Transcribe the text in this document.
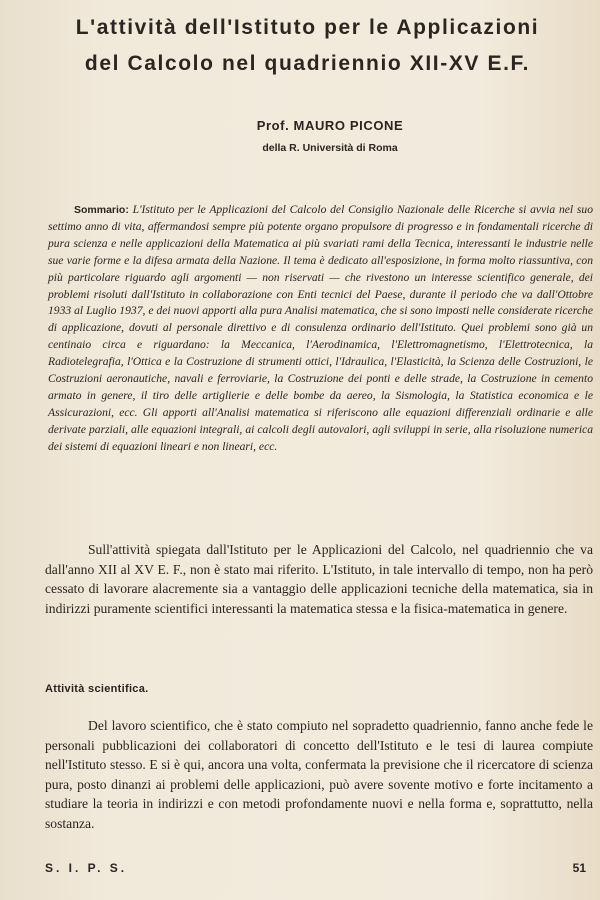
L'attività dell'Istituto per le Applicazioni
del Calcolo nel quadriennio XII-XV E.F.
Prof. MAURO PICONE
della R. Università di Roma

Sommario: L'Istituto per le Applicazioni del Calcolo del Consiglio Nazionale delle Ricerche si avvia nel suo settimo anno di vita, affermandosi sempre più potente organo propulsore di progresso e in fondamentali ricerche di pura scienza e nelle applicazioni della Matematica ai più svariati rami della Tecnica, interessanti le industrie nelle sue varie forme e la difesa armata della Nazione. Il tema è dedicato all'esposizione, in forma molto riassuntiva, con più particolare riguardo agli argomenti — non riservati — che rivestono un interesse scientifico generale, dei problemi risoluti dall'Istituto in collaborazione con Enti tecnici del Paese, durante il periodo che va dall'Ottobre 1933 al Luglio 1937, e dei nuovi apporti alla pura Analisi matematica, che si sono imposti nelle considerate ricerche di applicazione, dovuti al personale direttivo e di consulenza ordinario dell'Istituto. Quei problemi sono già un centinaio circa e riguardano: la Meccanica, l'Aerodinamica, l'Elettromagnetismo, l'Elettrotecnica, la Radiotelegrafia, l'Ottica e la Costruzione di strumenti ottici, l'Idraulica, l'Elasticità, la Scienza delle Costruzioni, le Costruzioni aeronautiche, navali e ferroviarie, la Costruzione dei ponti e delle strade, la Costruzione in cemento armato in genere, il tiro delle artiglierie e delle bombe da aereo, la Sismologia, la Statistica economica e le Assicurazioni, ecc. Gli apporti all'Analisi matematica si riferiscono alle equazioni differenziali ordinarie e alle derivate parziali, alle equazioni integrali, ai calcoli degli autovalori, agli sviluppi in serie, alla risoluzione numerica dei sistemi di equazioni lineari e non lineari, ecc.

Sull'attività spiegata dall'Istituto per le Applicazioni del Calcolo, nel quadriennio che va dall'anno XII al XV E. F., non è stato mai riferito. L'Istituto, in tale intervallo di tempo, non ha però cessato di lavorare alacremente sia a vantaggio delle applicazioni tecniche della matematica, sia in indirizzi puramente scientifici interessanti la matematica stessa e la fisica-matematica in genere.

Attività scientifica.

Del lavoro scientifico, che è stato compiuto nel sopradetto quadriennio, fanno anche fede le personali pubblicazioni dei collaboratori di concetto dell'Istituto e le tesi di laurea compiute nell'Istituto stesso. E si è qui, ancora una volta, confermata la previsione che il ricercatore di scienza pura, posto dinanzi ai problemi delle applicazioni, può avere sovente motivo e forte incitamento a studiare la teoria in indirizzi e con metodi profondamente nuovi e nella forma e, soprattutto, nella sostanza.

S. I. P. S.	51
